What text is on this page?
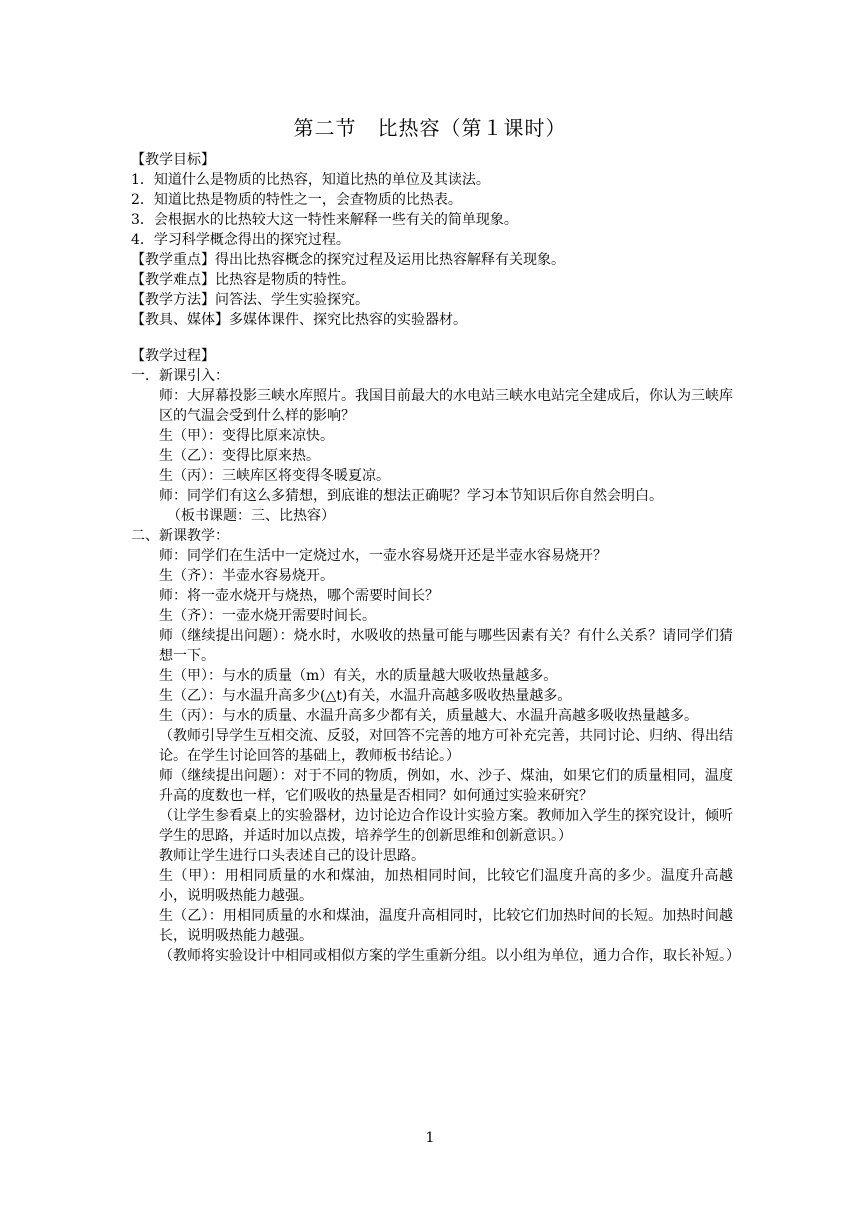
第二节　比热容（第１课时）
【教学目标】
1．知道什么是物质的比热容，知道比热的单位及其读法。
2．知道比热是物质的特性之一，会查物质的比热表。
3．会根据水的比热较大这一特性来解释一些有关的简单现象。
4．学习科学概念得出的探究过程。
【教学重点】得出比热容概念的探究过程及运用比热容解释有关现象。
【教学难点】比热容是物质的特性。
【教学方法】问答法、学生实验探究。
【教具、媒体】多媒体课件、探究比热容的实验器材。
【教学过程】
一．新课引入：
师：大屏幕投影三峡水库照片。我国目前最大的水电站三峡水电站完全建成后，你认为三峡库区的气温会受到什么样的影响？
生（甲）：变得比原来凉快。
生（乙）：变得比原来热。
生（丙）：三峡库区将变得冬暖夏凉。
师：同学们有这么多猜想，到底谁的想法正确呢？学习本节知识后你自然会明白。
（板书课题：三、比热容）
二、新课教学：
师：同学们在生活中一定烧过水，一壶水容易烧开还是半壶水容易烧开？
生（齐）：半壶水容易烧开。
师：将一壶水烧开与烧热，哪个需要时间长？
生（齐）：一壶水烧开需要时间长。
师（继续提出问题）：烧水时，水吸收的热量可能与哪些因素有关？有什么关系？请同学们猜想一下。
生（甲）：与水的质量（m）有关，水的质量越大吸收热量越多。
生（乙）：与水温升高多少(△t)有关，水温升高越多吸收热量越多。
生（丙）：与水的质量、水温升高多少都有关，质量越大、水温升高越多吸收热量越多。
（教师引导学生互相交流、反驳，对回答不完善的地方可补充完善，共同讨论、归纳、得出结论。在学生讨论回答的基础上，教师板书结论。）
师（继续提出问题）：对于不同的物质，例如，水、沙子、煤油，如果它们的质量相同，温度升高的度数也一样，它们吸收的热量是否相同？如何通过实验来研究？
（让学生参看桌上的实验器材，边讨论边合作设计实验方案。教师加入学生的探究设计，倾听学生的思路，并适时加以点拨，培养学生的创新思维和创新意识。）
教师让学生进行口头表述自己的设计思路。
生（甲）：用相同质量的水和煤油，加热相同时间，比较它们温度升高的多少。温度升高越小，说明吸热能力越强。
生（乙）：用相同质量的水和煤油，温度升高相同时，比较它们加热时间的长短。加热时间越长，说明吸热能力越强。
（教师将实验设计中相同或相似方案的学生重新分组。以小组为单位，通力合作，取长补短。）
1
